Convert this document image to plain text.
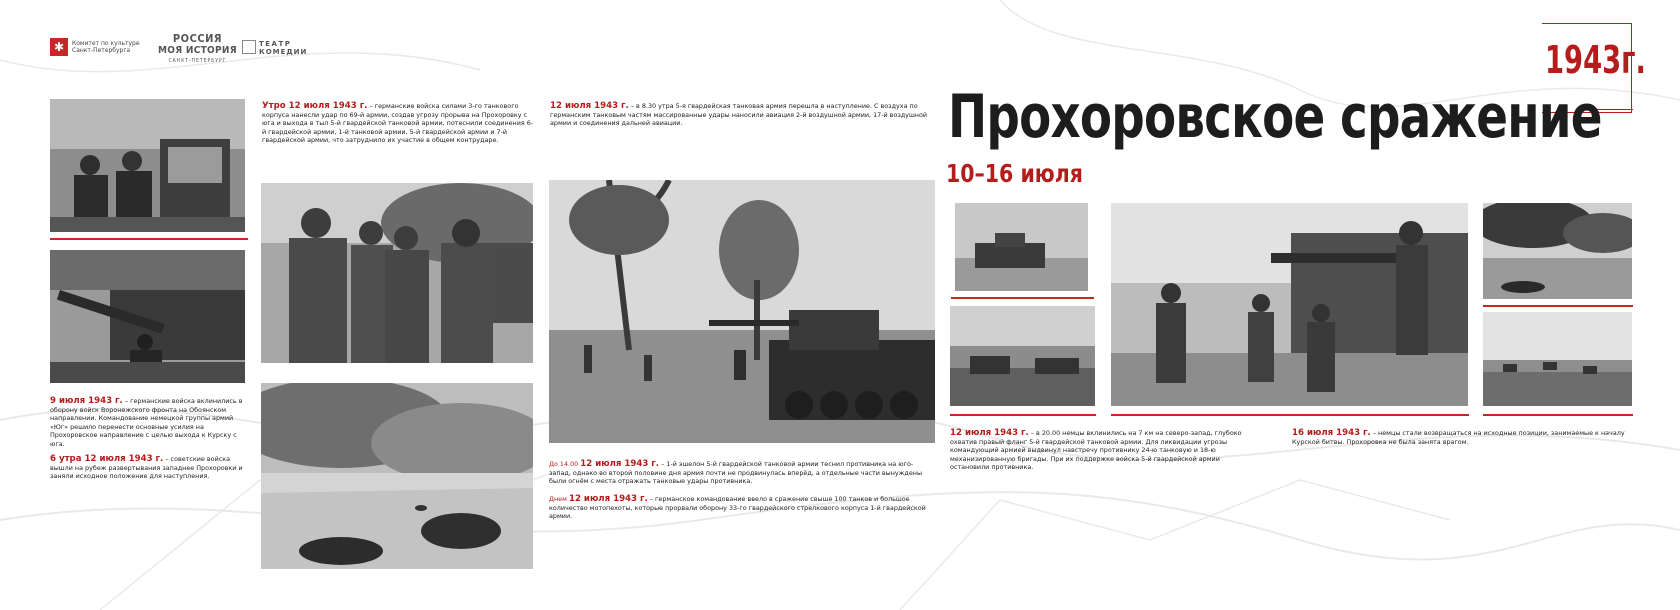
✱	Комитет по культуре
Санкт-Петербурга
РОССИЯ
МОЯ ИСТОРИЯ
САНКТ-ПЕТЕРБУРГ
ТЕАТР
КОМЕДИИ	1943г.
Прохоровское сражение
10–16 июля
Утро 12 июля 1943 г. – германские войска силами 3-го танкового корпуса нанесли удар по 69-й армии, создав угрозу прорыва на Прохоровку с юга и выхода в тыл 5-й гвардейской танковой армии, потеснили соединения 6-й гвардейской армии, 1-й танковой армии, 5-й гвардейской армии и 7-й гвардейской армии, что затруднило их участие в общем контрударе.
9 июля 1943 г. – германские войска вклинились в оборону войск Воронежского фронта на Обоянском направлении. Командование немецкой группы армий «Юг» решило перенести основные усилия на Прохоровское направление с целью выхода к Курску с юга.
6 утра 12 июля 1943 г. – советские войска вышли на рубеж развертывания западнее Прохоровки и заняли исходное положение для наступления.
12 июля 1943 г. – в 8.30 утра 5-я гвардейская танковая армия перешла в наступление. С воздуха по германским танковым частям массированные удары наносили авиация 2-й воздушной армии, 17-й воздушной армии и соединения дальней авиации.
До 14.00 12 июля 1943 г. – 1-й эшелон 5-й гвардейской танковой армии теснил противника на юго-запад, однако во второй половине дня армия почти не продвинулась вперёд, а отдельные части вынуждены были огнём с места отражать танковые удары противника.
Днем 12 июля 1943 г. – германское командование ввело в сражение свыше 100 танков и большое количество мотопехоты, которые прорвали оборону 33-го гвардейского стрелкового корпуса 1-й гвардейской армии.
12 июля 1943 г. – в 20.00 немцы вклинились на 7 км на северо-запад, глубоко охватив правый фланг 5-й гвардейской танковой армии. Для ликвидации угрозы командующий армией выдвинул навстречу противнику 24-ю танковую и 18-ю механизированную бригады. При их поддержке войска 5-й гвардейской армии остановили противника.
16 июля 1943 г. – немцы стали возвращаться на исходные позиции, занимаемые к началу Курской битвы. Прохоровка не была занята врагом.
